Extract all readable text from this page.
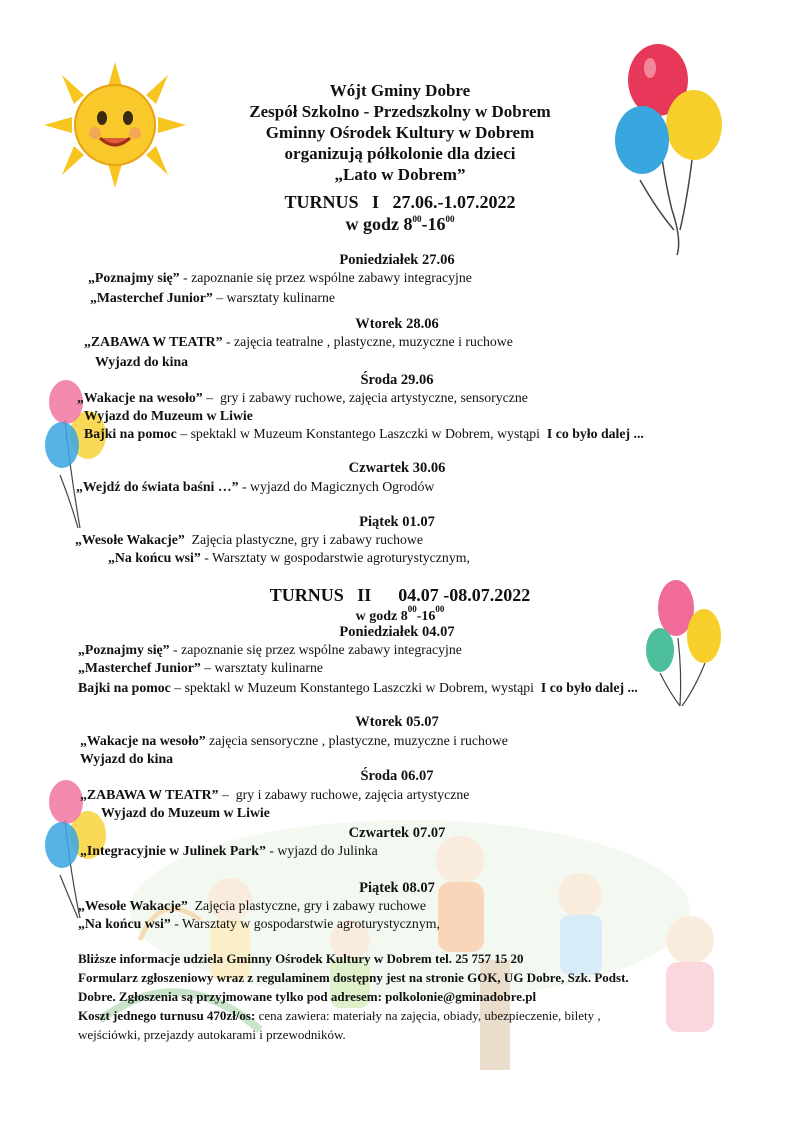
Wójt Gminy Dobre
Zespół Szkolno - Przedszkolny w Dobrem
Gminny Ośrodek Kultury w Dobrem
organizują półkolonie dla dzieci
„Lato w Dobrem”
TURNUS   I   27.06.-1.07.2022
w godz $8^{00}-16^{00}$
Poniedziałek 27.06
„Poznajmy się” - zapoznanie się przez wspólne zabawy integracyjne
„Masterchef Junior” – warsztaty kulinarne
Wtorek 28.06
„ZABAWA W TEATR” - zajęcia teatralne , plastyczne, muzyczne i ruchowe
Wyjazd do kina
Środa 29.06
„Wakacje na wesoło” –  gry i zabawy ruchowe, zajęcia artystyczne, sensoryczne
Wyjazd do Muzeum w Liwie
Bajki na pomoc – spektakl w Muzeum Konstantego Laszczki w Dobrem, wystąpi  I co było dalej ...
Czwartek 30.06
„Wejdź do świata baśni …” - wyjazd do Magicznych Ogrodów
Piątek 01.07
„Wesołe Wakacje”  Zajęcia plastyczne, gry i zabawy ruchowe
„Na końcu wsi” - Warsztaty w gospodarstwie agroturystycznym,
TURNUS   II      04.07 -08.07.2022
w godz $8^{00}-16^{00}$
Poniedziałek 04.07
„Poznajmy się” - zapoznanie się przez wspólne zabawy integracyjne
„Masterchef Junior” – warsztaty kulinarne
Bajki na pomoc – spektakl w Muzeum Konstantego Laszczki w Dobrem, wystąpi  I co było dalej ...
Wtorek 05.07
„Wakacje na wesoło” zajęcia sensoryczne , plastyczne, muzyczne i ruchowe
Wyjazd do kina
Środa 06.07
„ZABAWA W TEATR” –  gry i zabawy ruchowe, zajęcia artystyczne
Wyjazd do Muzeum w Liwie
Czwartek 07.07
„Integracyjnie w Julinek Park” - wyjazd do Julinka
Piątek 08.07
„Wesołe Wakacje”  Zajęcia plastyczne, gry i zabawy ruchowe
„Na końcu wsi” - Warsztaty w gospodarstwie agroturystycznym,
Bliższe informacje udziela Gminny Ośrodek Kultury w Dobrem tel. 25 757 15 20
Formularz zgłoszeniowy wraz z regulaminem dostępny jest na stronie GOK, UG Dobre, Szk. Podst.
Dobre. Zgłoszenia są przyjmowane tylko pod adresem: polkolonie@gminadobre.pl
Koszt jednego turnusu 470zł/os: cena zawiera: materiały na zajęcia, obiady, ubezpieczenie, bilety ,
wejściówki, przejazdy autokarami i przewodników.
